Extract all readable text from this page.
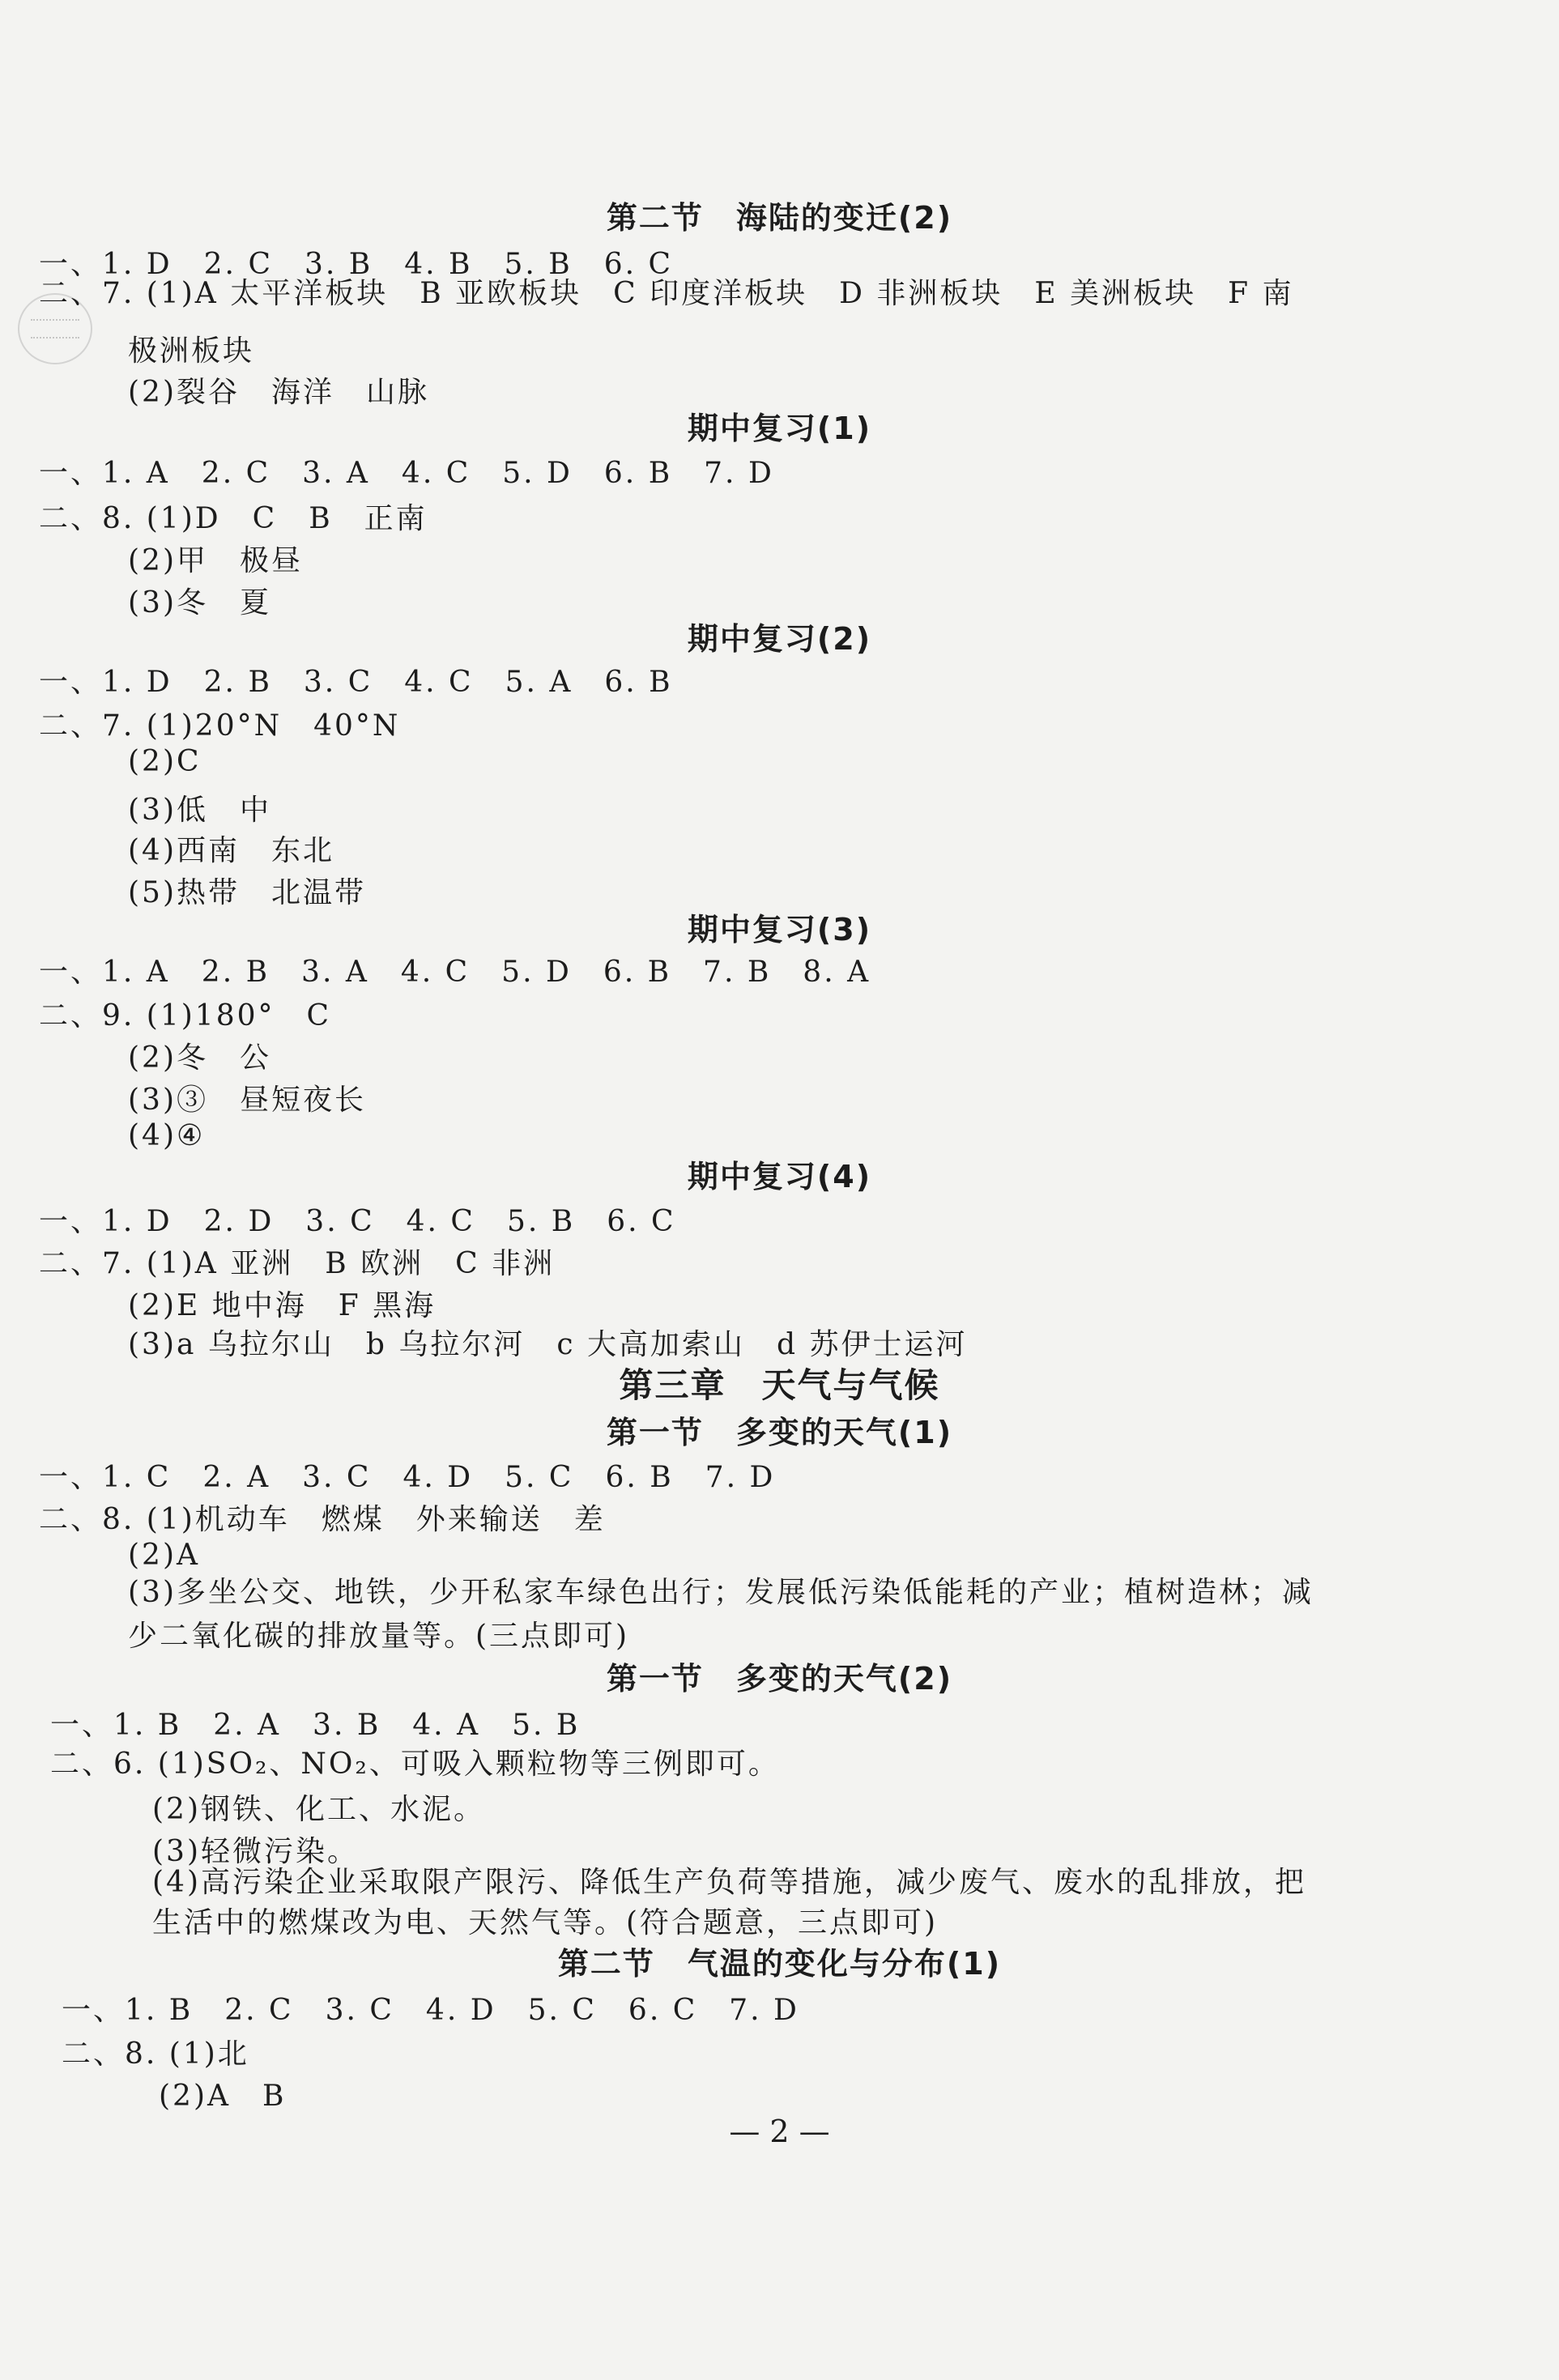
第二节　海陆的变迁(2)
一、1. D　2. C　3. B　4. B　5. B　6. C
二、7. (1)A 太平洋板块　B 亚欧板块　C 印度洋板块　D 非洲板块　E 美洲板块　F 南
极洲板块
(2)裂谷　海洋　山脉
期中复习(1)
一、1. A　2. C　3. A　4. C　5. D　6. B　7. D
二、8. (1)D　C　B　正南
(2)甲　极昼
(3)冬　夏
期中复习(2)
一、1. D　2. B　3. C　4. C　5. A　6. B
二、7. (1)20°N　40°N
(2)C
(3)低　中
(4)西南　东北
(5)热带　北温带
期中复习(3)
一、1. A　2. B　3. A　4. C　5. D　6. B　7. B　8. A
二、9. (1)180°　C
(2)冬　公
(3)③　昼短夜长
(4)④
期中复习(4)
一、1. D　2. D　3. C　4. C　5. B　6. C
二、7. (1)A 亚洲　B 欧洲　C 非洲
(2)E 地中海　F 黑海
(3)a 乌拉尔山　b 乌拉尔河　c 大高加索山　d 苏伊士运河
第三章　天气与气候
第一节　多变的天气(1)
一、1. C　2. A　3. C　4. D　5. C　6. B　7. D
二、8. (1)机动车　燃煤　外来输送　差
(2)A
(3)多坐公交、地铁，少开私家车绿色出行；发展低污染低能耗的产业；植树造林；减
少二氧化碳的排放量等。(三点即可)
第一节　多变的天气(2)
一、1. B　2. A　3. B　4. A　5. B
二、6. (1)SO₂、NO₂、可吸入颗粒物等三例即可。
(2)钢铁、化工、水泥。
(3)轻微污染。
(4)高污染企业采取限产限污、降低生产负荷等措施，减少废气、废水的乱排放，把
生活中的燃煤改为电、天然气等。(符合题意，三点即可)
第二节　气温的变化与分布(1)
一、1. B　2. C　3. C　4. D　5. C　6. C　7. D
二、8. (1)北
(2)A　B
— 2 —
